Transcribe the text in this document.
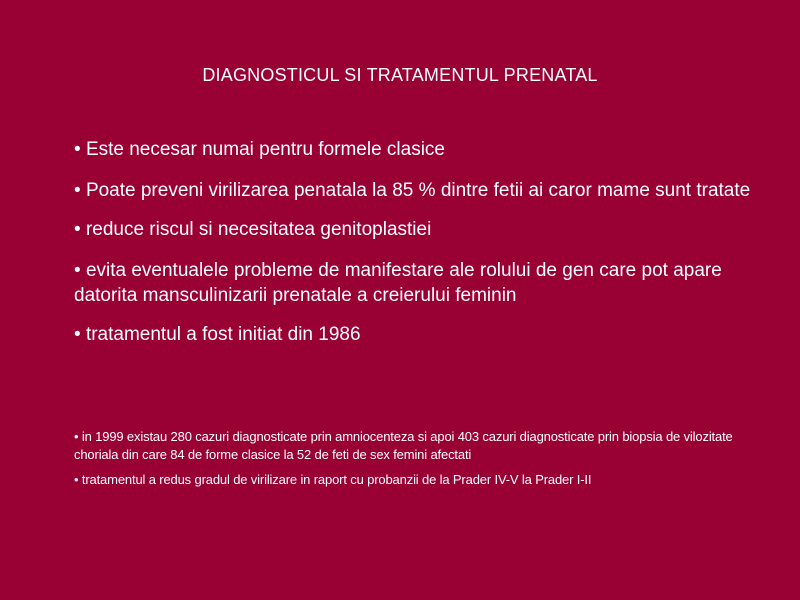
DIAGNOSTICUL SI TRATAMENTUL PRENATAL
• Este necesar numai pentru formele clasice
• Poate preveni virilizarea penatala la 85 % dintre fetii ai caror mame sunt tratate
• reduce riscul si necesitatea genitoplastiei
• evita eventualele probleme de manifestare ale rolului de gen care pot apare datorita mansculinizarii prenatale a creierului feminin
• tratamentul a fost initiat din 1986
• in 1999 existau 280 cazuri diagnosticate prin amniocenteza si apoi 403 cazuri diagnosticate prin biopsia de vilozitate choriala din care 84 de forme clasice la 52 de feti de sex femini afectati
• tratamentul a redus gradul de virilizare in raport cu probanzii de la Prader IV-V la Prader I-II
